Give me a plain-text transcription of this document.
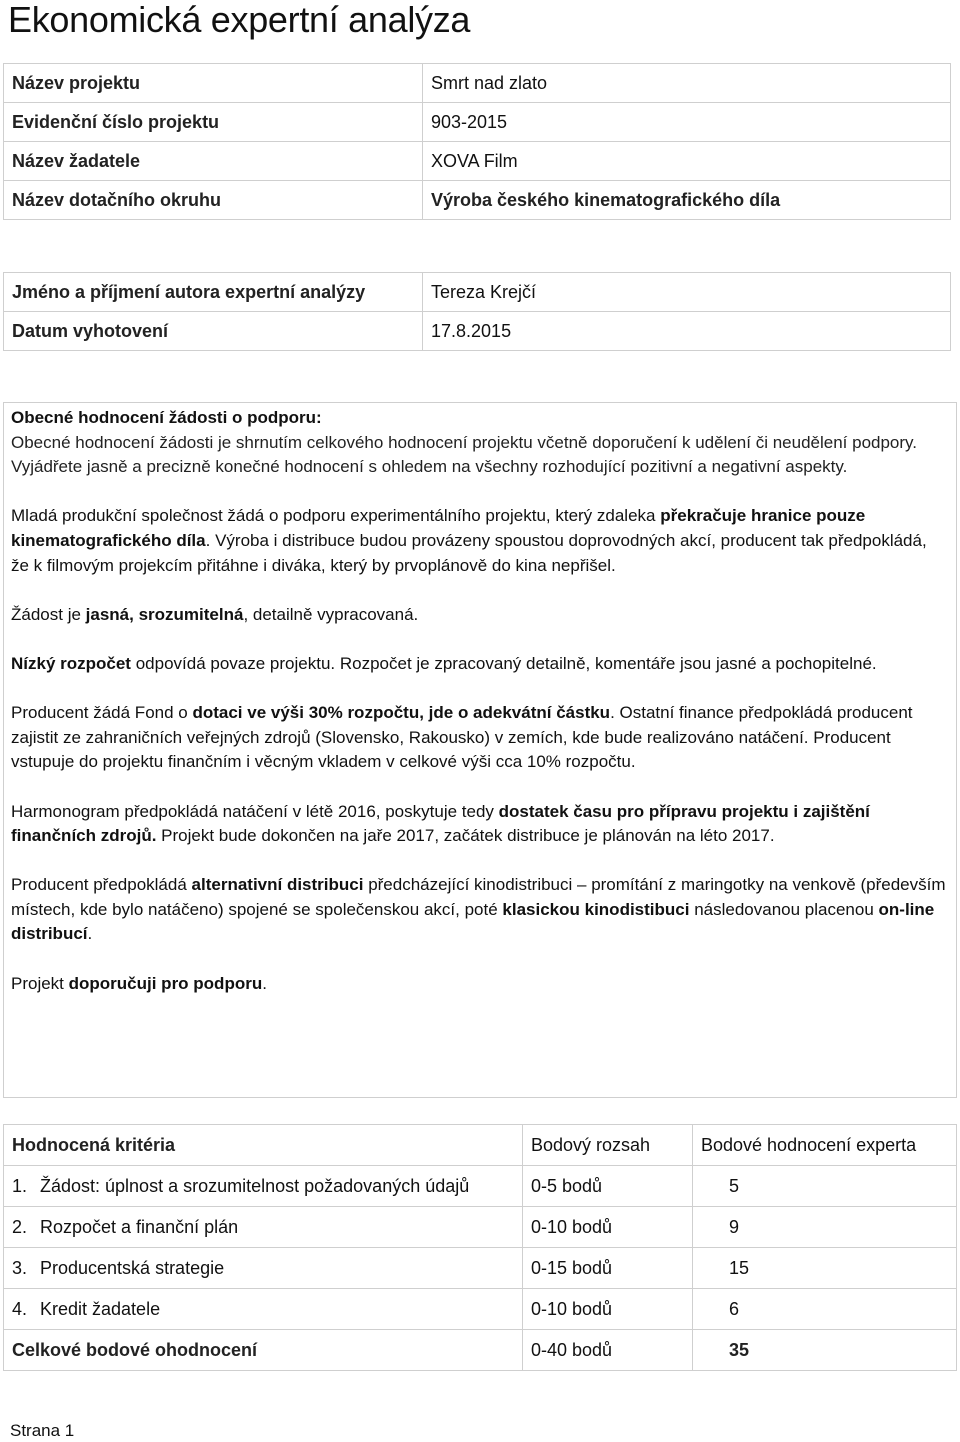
Ekonomická expertní analýza
Název projektu	Smrt nad zlato
Evidenční číslo projektu	903-2015
Název žadatele	XOVA Film
Název dotačního okruhu	Výroba českého kinematografického díla
Jméno a příjmení autora expertní analýzy	Tereza Krejčí
Datum vyhotovení	17.8.2015
Obecné hodnocení žádosti o podporu:

Obecné hodnocení žádosti je shrnutím celkového hodnocení projektu včetně doporučení k udělení či neudělení podpory. Vyjádřete jasně a precizně konečné hodnocení s ohledem na všechny rozhodující pozitivní a negativní aspekty.

Mladá produkční společnost žádá o podporu experimentálního projektu, který zdaleka překračuje hranice pouze kinematografického díla. Výroba i distribuce budou provázeny spoustou doprovodných akcí, producent tak předpokládá, že k filmovým projekcím přitáhne i diváka, který by prvoplánově do kina nepřišel.

Žádost je jasná, srozumitelná, detailně vypracovaná.

Nízký rozpočet odpovídá povaze projektu. Rozpočet je zpracovaný detailně, komentáře jsou jasné a pochopitelné.

Producent žádá Fond o dotaci ve výši 30% rozpočtu, jde o adekvátní částku. Ostatní finance předpokládá producent zajistit ze zahraničních veřejných zdrojů (Slovensko, Rakousko) v zemích, kde bude realizováno natáčení. Producent vstupuje do projektu finančním i věcným vkladem v celkové výši cca 10% rozpočtu.

Harmonogram předpokládá natáčení v létě 2016, poskytuje tedy dostatek času pro přípravu projektu i zajištění finančních zdrojů. Projekt bude dokončen na jaře 2017, začátek distribuce je plánován na léto 2017.

Producent předpokládá alternativní distribuci předcházející kinodistribuci – promítání z maringotky na venkově (především místech, kde bylo natáčeno) spojené se společenskou akcí, poté klasickou kinodistibuci následovanou placenou on-line distribucí.

Projekt doporučuji pro podporu.

Hodnocená kritéria	Bodový rozsah	Bodové hodnocení experta
1. Žádost: úplnost a srozumitelnost požadovaných údajů	0-5 bodů	5
2. Rozpočet a finanční plán	0-10 bodů	9
3. Producentská strategie	0-15 bodů	15
4. Kredit žadatele	0-10 bodů	6
Celkové bodové ohodnocení	0-40 bodů	35
Strana 1
